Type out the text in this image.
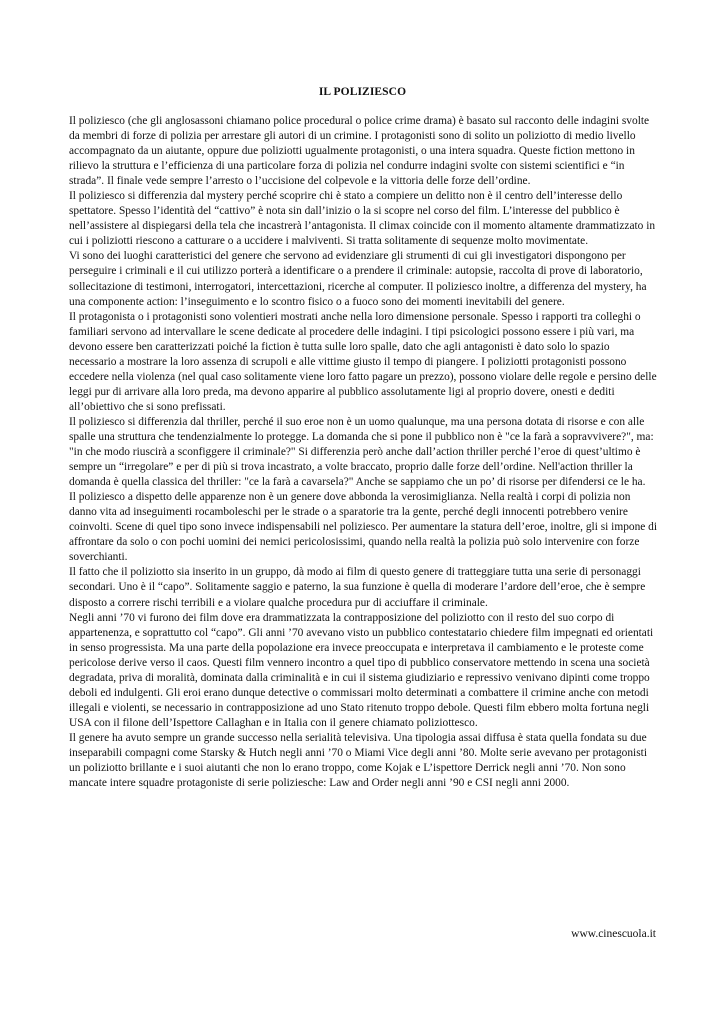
IL POLIZIESCO

Il poliziesco (che gli anglosassoni chiamano police procedural o police crime drama) è basato sul racconto delle indagini svolte da membri di forze di polizia per arrestare gli autori di un crimine. I protagonisti sono di solito un poliziotto di medio livello accompagnato da un aiutante, oppure due poliziotti ugualmente protagonisti, o una intera squadra. Queste fiction mettono in rilievo la struttura e l’efficienza di una particolare forza di polizia nel condurre indagini svolte con sistemi scientifici e “in strada”. Il finale vede sempre l’arresto o l’uccisione del colpevole e la vittoria delle forze dell’ordine.

Il poliziesco si differenzia dal mystery perché scoprire chi è stato a compiere un delitto non è il centro dell’interesse dello spettatore. Spesso l’identità del “cattivo” è nota sin dall’inizio o la si scopre nel corso del film. L’interesse del pubblico è nell’assistere al dispiegarsi della tela che incastrerà l’antagonista. Il climax coincide con il momento altamente drammatizzato in cui i poliziotti riescono a catturare o a uccidere i malviventi. Si tratta solitamente di sequenze molto movimentate.

Vi sono dei luoghi caratteristici del genere che servono ad evidenziare gli strumenti di cui gli investigatori dispongono per perseguire i criminali e il cui utilizzo porterà a identificare o a prendere il criminale: autopsie, raccolta di prove di laboratorio, sollecitazione di testimoni, interrogatori, intercettazioni, ricerche al computer. Il poliziesco inoltre, a differenza del mystery, ha una componente action: l’inseguimento e lo scontro fisico o a fuoco sono dei momenti inevitabili del genere.

Il protagonista o i protagonisti sono volentieri mostrati anche nella loro dimensione personale. Spesso i rapporti tra colleghi o familiari servono ad intervallare le scene dedicate al procedere delle indagini. I tipi psicologici possono essere i più vari, ma devono essere ben caratterizzati poiché la fiction è tutta sulle loro spalle, dato che agli antagonisti è dato solo lo spazio necessario a mostrare la loro assenza di scrupoli e alle vittime giusto il tempo di piangere. I poliziotti protagonisti possono eccedere nella violenza (nel qual caso solitamente viene loro fatto pagare un prezzo), possono violare delle regole e persino delle leggi pur di arrivare alla loro preda, ma devono apparire al pubblico assolutamente ligi al proprio dovere, onesti e dediti all’obiettivo che si sono prefissati.

Il poliziesco si differenzia dal thriller, perché il suo eroe non è un uomo qualunque, ma una persona dotata di risorse e con alle spalle una struttura che tendenzialmente lo protegge. La domanda che si pone il pubblico non è "ce la farà a sopravvivere?", ma: "in che modo riuscirà a sconfiggere il criminale?" Si differenzia però anche dall’action thriller perché l’eroe di quest’ultimo è sempre un “irregolare” e per di più si trova incastrato, a volte braccato, proprio dalle forze dell’ordine. Nell'action thriller la domanda è quella classica del thriller: "ce la farà a cavarsela?" Anche se sappiamo che un po’ di risorse per difendersi ce le ha.

Il poliziesco a dispetto delle apparenze non è un genere dove abbonda la verosimiglianza. Nella realtà i corpi di polizia non danno vita ad inseguimenti rocamboleschi per le strade o a sparatorie tra la gente, perché degli innocenti potrebbero venire coinvolti. Scene di quel tipo sono invece indispensabili nel poliziesco. Per aumentare la statura dell’eroe, inoltre, gli si impone di affrontare da solo o con pochi uomini dei nemici pericolosissimi, quando nella realtà la polizia può solo intervenire con forze soverchianti.

Il fatto che il poliziotto sia inserito in un gruppo, dà modo ai film di questo genere di tratteggiare tutta una serie di personaggi secondari. Uno è il “capo”. Solitamente saggio e paterno, la sua funzione è quella di moderare l’ardore dell’eroe, che è sempre disposto a correre rischi terribili e a violare qualche procedura pur di acciuffare il criminale.

Negli anni ’70 vi furono dei film dove era drammatizzata la contrapposizione del poliziotto con il resto del suo corpo di appartenenza, e soprattutto col “capo”. Gli anni ’70 avevano visto un pubblico contestatario chiedere film impegnati ed orientati in senso progressista. Ma una parte della popolazione era invece preoccupata e interpretava il cambiamento e le proteste come pericolose derive verso il caos. Questi film vennero incontro a quel tipo di pubblico conservatore mettendo in scena una società degradata, priva di moralità, dominata dalla criminalità e in cui il sistema giudiziario e repressivo venivano dipinti come troppo deboli ed indulgenti. Gli eroi erano dunque detective o commissari molto determinati a combattere il crimine anche con metodi illegali e violenti, se necessario in contrapposizione ad uno Stato ritenuto troppo debole. Questi film ebbero molta fortuna negli USA con il filone dell’Ispettore Callaghan e in Italia con il genere chiamato poliziottesco.

Il genere ha avuto sempre un grande successo nella serialità televisiva. Una tipologia assai diffusa è stata quella fondata su due inseparabili compagni come Starsky & Hutch negli anni ’70 o Miami Vice degli anni ’80. Molte serie avevano per protagonisti un poliziotto brillante e i suoi aiutanti che non lo erano troppo, come Kojak e L’ispettore Derrick negli anni ’70. Non sono mancate intere squadre protagoniste di serie poliziesche: Law and Order negli anni ’90 e CSI negli anni 2000.

www.cinescuola.it
